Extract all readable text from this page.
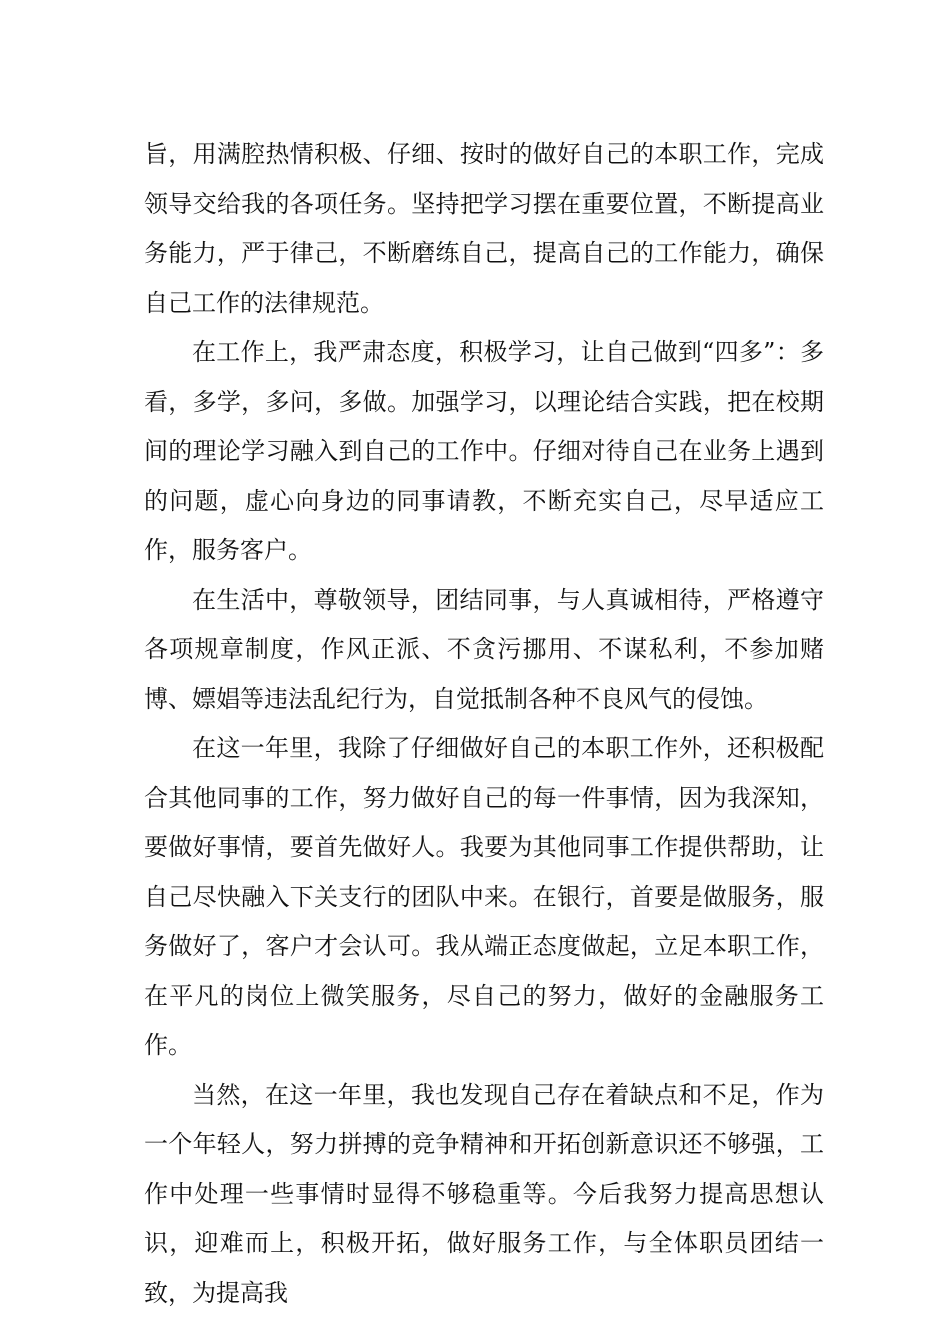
旨，用满腔热情积极、仔细、按时的做好自己的本职工作，完成领导交给我的各项任务。坚持把学习摆在重要位置，不断提高业务能力，严于律己，不断磨练自己，提高自己的工作能力，确保自己工作的法律规范。

在工作上，我严肃态度，积极学习，让自己做到“四多”：多看，多学，多问，多做。加强学习，以理论结合实践，把在校期间的理论学习融入到自己的工作中。仔细对待自己在业务上遇到的问题，虚心向身边的同事请教，不断充实自己，尽早适应工作，服务客户。

在生活中，尊敬领导，团结同事，与人真诚相待，严格遵守各项规章制度，作风正派、不贪污挪用、不谋私利，不参加赌博、嫖娼等违法乱纪行为，自觉抵制各种不良风气的侵蚀。

在这一年里，我除了仔细做好自己的本职工作外，还积极配合其他同事的工作，努力做好自己的每一件事情，因为我深知，要做好事情，要首先做好人。我要为其他同事工作提供帮助，让自己尽快融入下关支行的团队中来。在银行，首要是做服务，服务做好了，客户才会认可。我从端正态度做起，立足本职工作，在平凡的岗位上微笑服务，尽自己的努力，做好的金融服务工作。

当然，在这一年里，我也发现自己存在着缺点和不足，作为一个年轻人，努力拼搏的竞争精神和开拓创新意识还不够强，工作中处理一些事情时显得不够稳重等。今后我努力提高思想认识，迎难而上，积极开拓，做好服务工作，与全体职员团结一致，为提高我
